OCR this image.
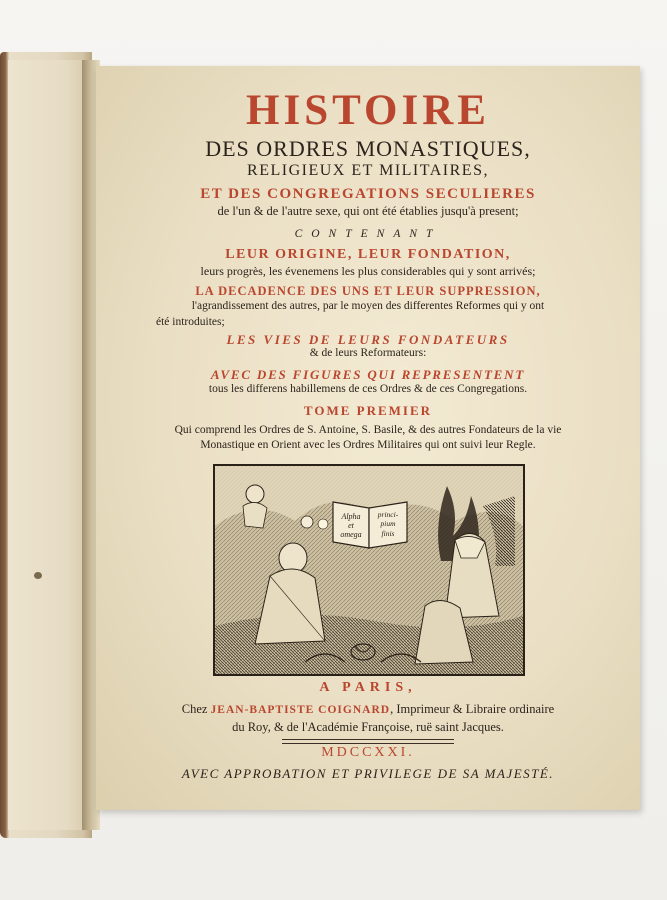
HISTOIRE
DES ORDRES MONASTIQUES,
RELIGIEUX ET MILITAIRES,
ET DES CONGREGATIONS SECULIERES
de l'un & de l'autre sexe, qui ont été établies jusqu'à present;
CONTENANT
LEUR ORIGINE, LEUR FONDATION,
leurs progrès, les évenemens les plus considerables qui y sont arrivés;
LA DECADENCE DES UNS ET LEUR SUPPRESSION,
l'agrandissement des autres, par le moyen des differentes Reformes qui y ont
été introduites;
LES VIES DE LEURS FONDATEURS
& de leurs Reformateurs:
AVEC DES FIGURES QUI REPRESENTENT
tous les differens habillemens de ces Ordres & de ces Congregations.
TOME PREMIER
Qui comprend les Ordres de S. Antoine, S. Basile, & des autres Fondateurs de la vie
Monastique en Orient avec les Ordres Militaires qui ont suivi leur Regle.
Alpha
et
omega
princi-
pium
finis
A PARIS,
Chez JEAN-BAPTISTE COIGNARD, Imprimeur & Libraire ordinaire
du Roy, & de l'Académie Françoise, ruë saint Jacques.
MDCCXXI.
AVEC APPROBATION ET PRIVILEGE DE SA MAJESTÉ.
